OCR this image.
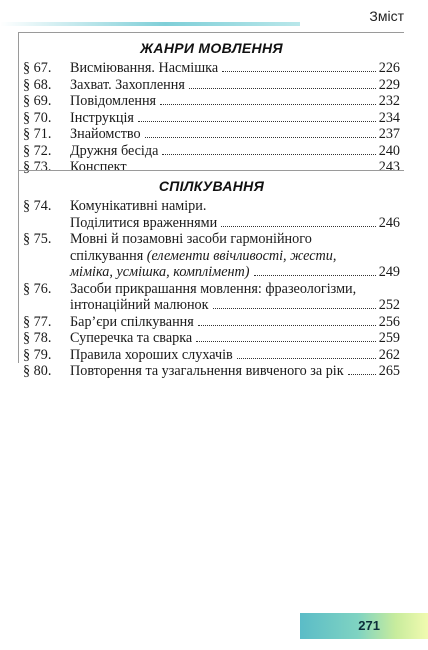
Зміст
ЖАНРИ МОВЛЕННЯ
§ 67.	Висміювання. Насмішка	226
§ 68.	Захват. Захоплення	229
§ 69.	Повідомлення	232
§ 70.	Інструкція	234
§ 71.	Знайомство	237
§ 72.	Дружня бесіда	240
§ 73.	Конспект	243
СПІЛКУВАННЯ
§ 74.	Комунікативні наміри.
Поділитися враженнями	246
§ 75.	Мовні й позамовні засоби гармонійного
спілкування
(елементи ввічливості, жести,
міміка, усмішка, комплімент)	249
§ 76.	Засоби прикрашання мовлення: фразеологізми,
інтонаційний малюнок	252
§ 77.	Бар’єри спілкування	256
§ 78.	Суперечка та сварка	259
§ 79.	Правила хороших слухачів	262
§ 80.	Повторення та узагальнення вивченого за рік 265
271
